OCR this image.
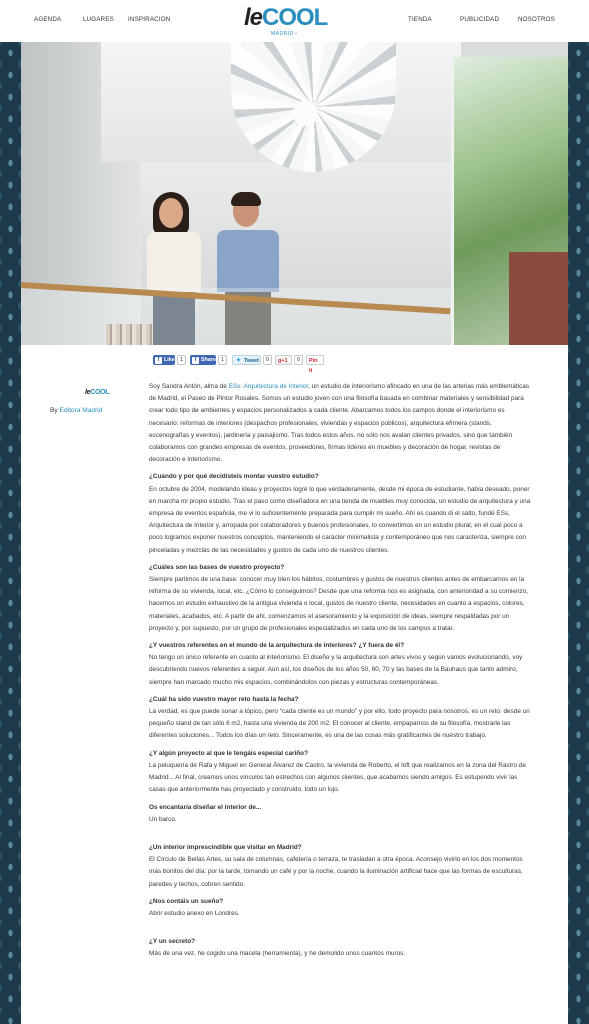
AGENDA	LUGARES INSPIRACION	leCOOL
MADRID ⌄
TIENDA	PUBLICIDAD	NOSOTROS
f Like 1	f Share 1	✦ Tweet	0	g+1	0	Pin it
leCOOL
By Editora Madrid

Soy Sandra Antón, alma de ESs. Arquitectura de Interior, un estudio de interiorismo afincado en una de las arterias más emblemáticas de Madrid, el Paseo de Pintor Rosales. Somos un estudio joven con una filosofía basada en combinar materiales y sensibilidad para crear todo tipo de ambientes y espacios personalizados a cada cliente. Abarcamos todos los campos donde el interiorismo es necesario: reformas de interiores (despachos profesionales, viviendas y espacios públicos), arquitectura efímera (stands, escenografías y eventos), jardinería y paisajismo. Tras todos estos años, no sólo nos avalan clientes privados, sino que también colaboramos con grandes empresas de eventos, proveedores, firmas líderes en muebles y decoración de hogar, revistas de decoración e interiorismo.

¿Cuándo y por qué decidisteis montar vuestro estudio?

En octubre de 2004, modelando ideas y proyectos logré lo que verdaderamente, desde mi época de estudiante, había deseado, poner en marcha mi propio estudio. Tras el paso como diseñadora en una tienda de muebles muy conocida, un estudio de arquitectura y una

empresa de eventos española, me vi lo suficientemente preparada para cumplir mi sueño. Ahí es cuando di el salto, fundé ESs, Arquitectura de Interior y, arropada por colaboradores y buenos profesionales, lo convertimos en un estudio plural, en el cual poco a poco logramos exponer nuestros conceptos, manteniendo el carácter minimalista y contemporáneo que nos caracteriza, siempre con pinceladas y mezclas de las necesidades y gustos de cada uno de nuestros clientes.

¿Cuáles son las bases de vuestro proyecto?

Siempre partimos de una base: conocer muy bien los hábitos, costumbres y gustos de nuestros clientes antes de embarcarnos en la reforma de su vivienda, local, etc. ¿Cómo lo conseguimos? Desde que una reforma nos es asignada, con anterioridad a su comienzo, hacemos un estudio exhaustivo de la antigua vivienda o local, gustos de nuestro cliente, necesidades en cuanto a espacios, colores, materiales, acabados, etc. A partir de ahí, comenzamos el asesoramiento y la exposición de ideas, siempre respaldadas por un proyecto y, por supuesto, por un grupo de profesionales especializados en cada uno de los campos a tratar.

¿Y vuestros referentes en el mundo de la arquitectura de interiores? ¿Y fuera de él?

No tengo un único referente en cuanto al interiorismo. El diseño y la arquitectura son artes vivos y según vamos evolucionando, voy descubriendo nuevos referentes a seguir. Aún así, los diseños de los años 50, 60, 70 y las bases de la Bauhaus que tanto admiro,

siempre han marcado mucho mis espacios, combinándolos con piezas y estructuras contemporáneas.

¿Cuál ha sido vuestro mayor reto hasta la fecha?

La verdad, es que puede sonar a tópico, pero "cada cliente es un mundo" y por ello, todo proyecto para nosotros, es un reto: desde un pequeño stand de tan sólo 6 m2, hasta una vivienda de 200 m2. El conocer al cliente, empaparnos de su filosofía, mostrarle las diferentes soluciones... Todos los días un reto. Sinceramente, es una de las cosas más gratificantes de nuestro trabajo.

¿Y algún proyecto al que le tengáis especial cariño?

La peluquería de Rafa y Miguel en General Álvarez de Castro, la vivienda de Roberto, el loft que realizamos en la zona del Rastro de Madrid... Al final, creamos unos vínculos tan estrechos con algunos clientes, que acabamos siendo amigos. Es estupendo vivir las casas que anteriormente has proyectado y construido, todo un lujo.

Os encantaría diseñar el interior de...

Un barco.

¿Un interior imprescindible que visitar en Madrid?

El Círculo de Bellas Artes, su sala de columnas, cafetería o terraza, te trasladan a otra época. Aconsejo vivirlo en los dos momentos más bonitos del día: por la tarde, tomando un café y por la noche, cuando la iluminación artificial hace que las formas de esculturas, paredes y techos, cobren sentido.

¿Nos contáis un sueño?

Abrir estudio anexo en Londres.

¿Y un secreto?

Más de una vez, he cogido una maceta (herramienta), y he demolido unos cuantos muros.
